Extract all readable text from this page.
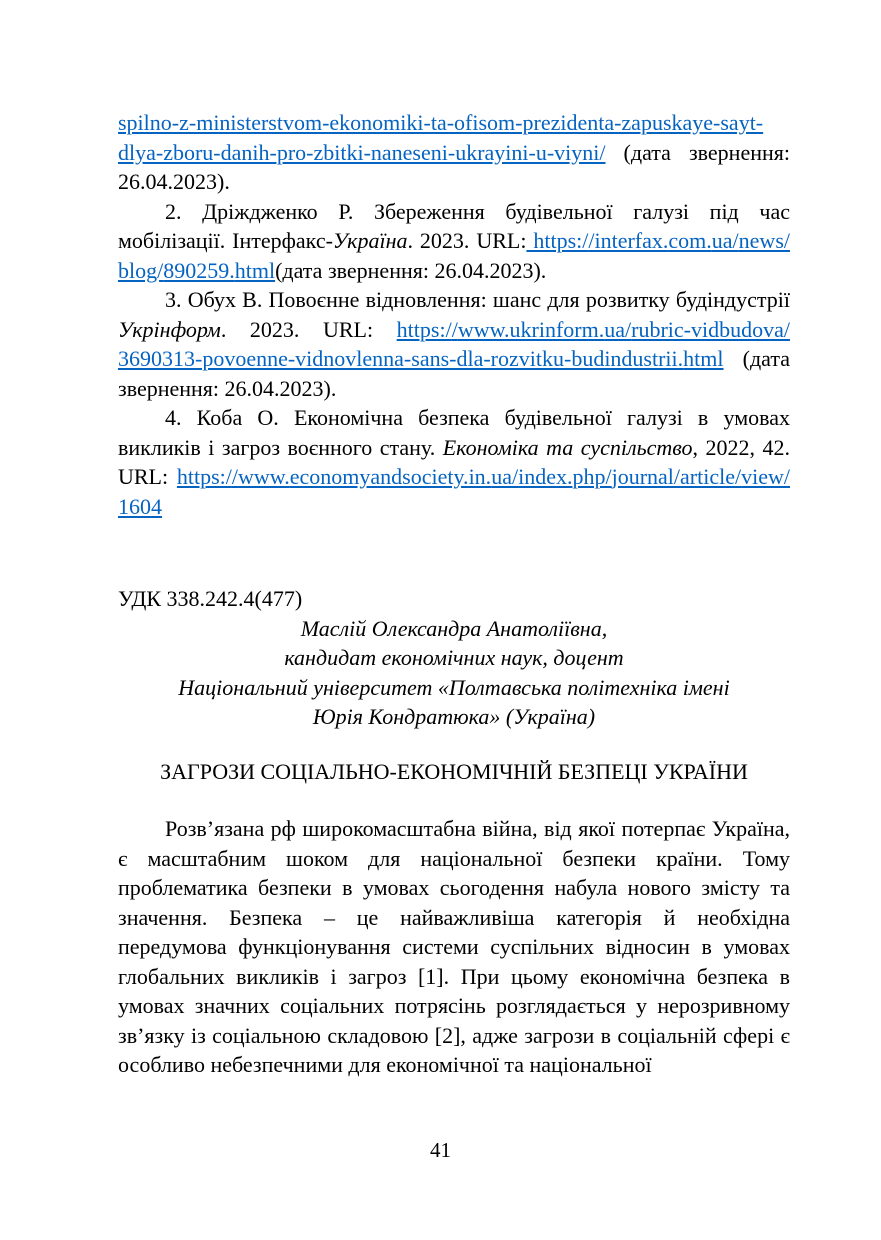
spilno-z-ministerstvom-ekonomiki-ta-ofisom-prezidenta-zapuskaye-sayt-dlya-zboru-danih-pro-zbitki-naneseni-ukrayini-u-viyni/ (дата звернення: 26.04.2023).

2. Дріждженко Р. Збереження будівельної галузі під час мобілізації. Інтерфакс-Україна. 2023. URL: https://interfax.com.ua/news/blog/890259.html(дата звернення: 26.04.2023).

3. Обух В. Повоєнне відновлення: шанс для розвитку будіндустрії Укрінформ. 2023. URL: https://www.ukrinform.ua/rubric-vidbudova/3690313-povoenne-vidnovlenna-sans-dla-rozvitku-budindustrii.html (дата звернення: 26.04.2023).

4. Коба О. Економічна безпека будівельної галузі в умовах викликів і загроз воєнного стану. Економіка та суспільство, 2022, 42. URL: https://www.economyandsociety.in.ua/index.php/journal/article/view/1604

УДК 338.242.4(477)

Маслій Олександра Анатоліївна,

кандидат економічних наук, доцент

Національний університет «Полтавська політехніка імені

Юрія Кондратюка» (Україна)

ЗАГРОЗИ СОЦІАЛЬНО-ЕКОНОМІЧНІЙ БЕЗПЕЦІ УКРАЇНИ

Розв’язана рф широкомасштабна війна, від якої потерпає Україна, є масштабним шоком для національної безпеки країни. Тому проблематика безпеки в умовах сьогодення набула нового змісту та значення. Безпека – це найважливіша категорія й необхідна передумова функціонування системи суспільних відносин в умовах глобальних викликів і загроз [1]. При цьому економічна безпека в умовах значних соціальних потрясінь розглядається у нерозривному зв’язку із соціальною складовою [2], адже загрози в соціальній сфері є особливо небезпечними для економічної та національної

41
